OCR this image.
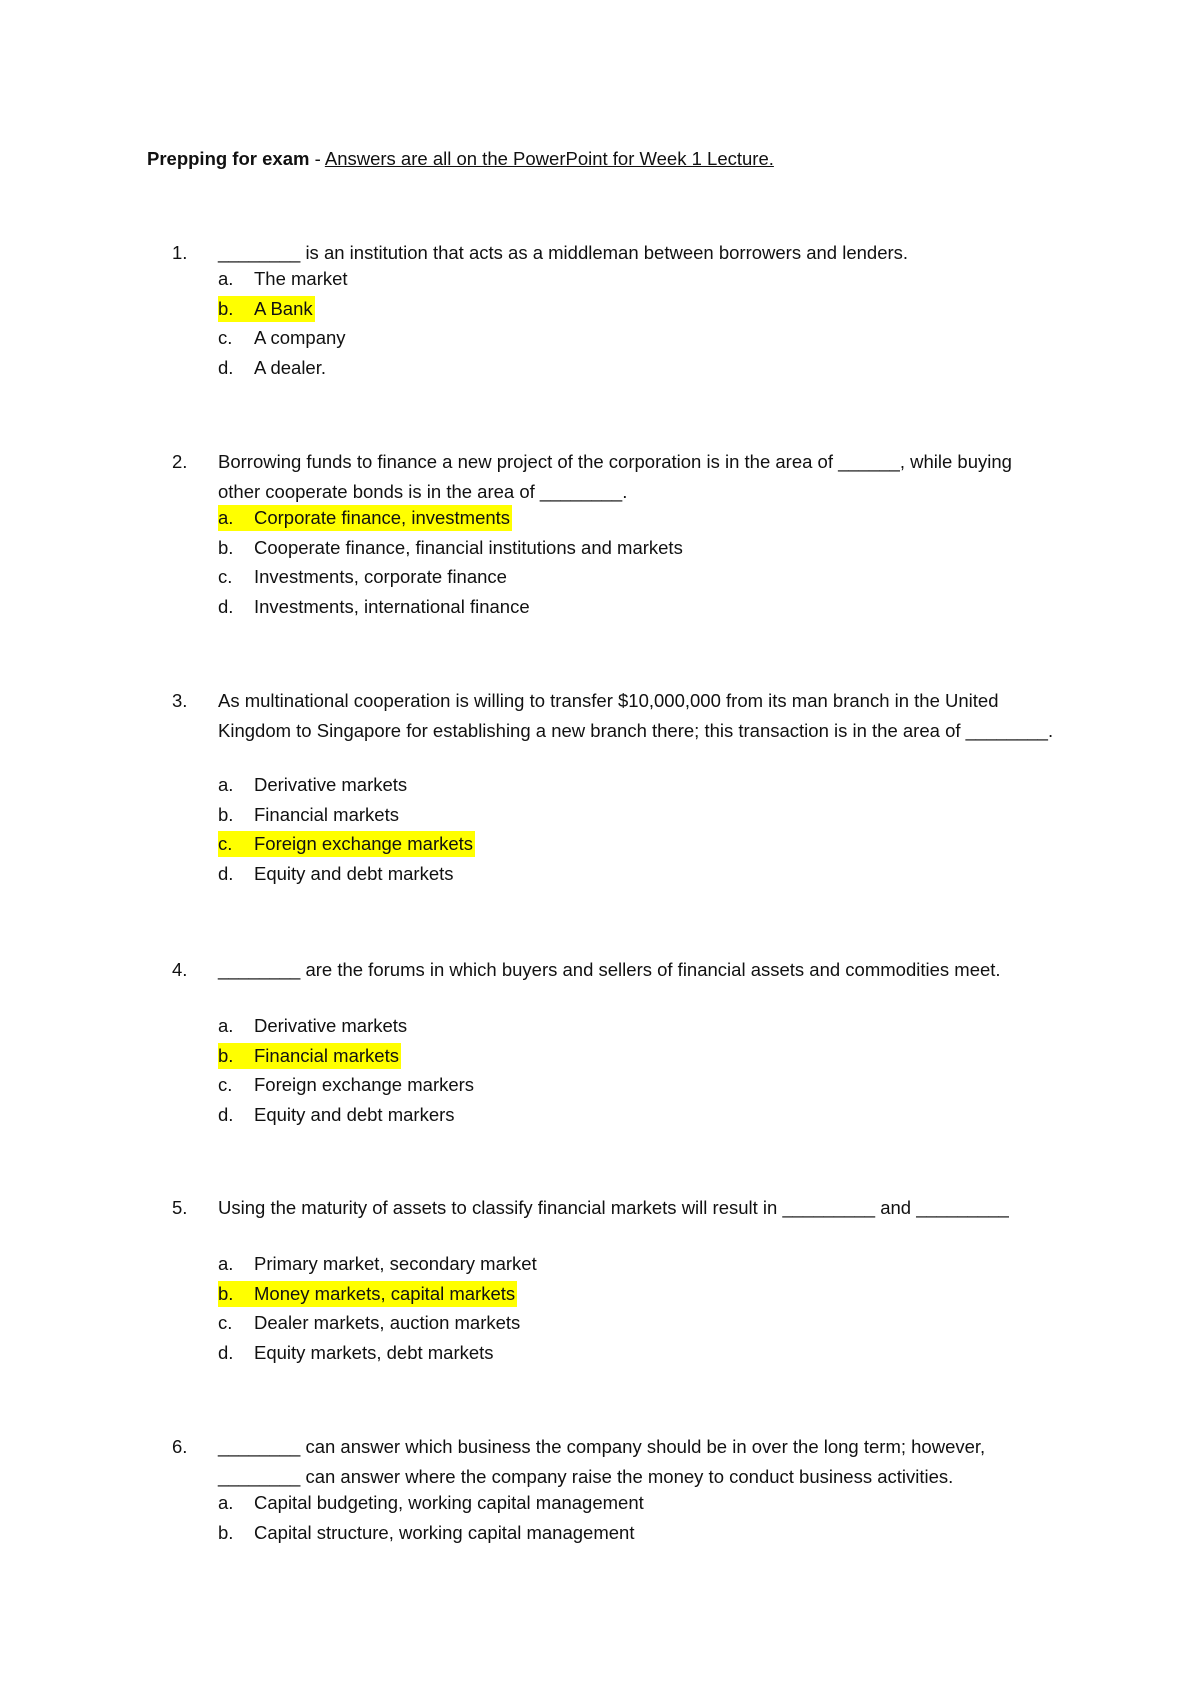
Prepping for exam - Answers are all on the PowerPoint for Week 1 Lecture.
1.	________ is an institution that acts as a middleman between borrowers and lenders.
a. The market
b. A Bank
c. A company
d. A dealer.
2.	Borrowing funds to finance a new project of the corporation is in the area of ______, while buying other cooperate bonds is in the area of ________.
a. Corporate finance, investments
b. Cooperate finance, financial institutions and markets
c. Investments, corporate finance
d. Investments, international finance
3.	As multinational cooperation is willing to transfer $10,000,000 from its man branch in the United Kingdom to Singapore for establishing a new branch there; this transaction is in the area of ________.
a. Derivative markets
b. Financial markets
c. Foreign exchange markets
d. Equity and debt markets
4.	________ are the forums in which buyers and sellers of financial assets and commodities meet.
a. Derivative markets
b. Financial markets
c. Foreign exchange markers
d. Equity and debt markers
5.	Using the maturity of assets to classify financial markets will result in _________ and _________
a. Primary market, secondary market
b. Money markets, capital markets
c. Dealer markets, auction markets
d. Equity markets, debt markets
6.	________ can answer which business the company should be in over the long term; however, ________ can answer where the company raise the money to conduct business activities.
a. Capital budgeting, working capital management
b. Capital structure, working capital management
